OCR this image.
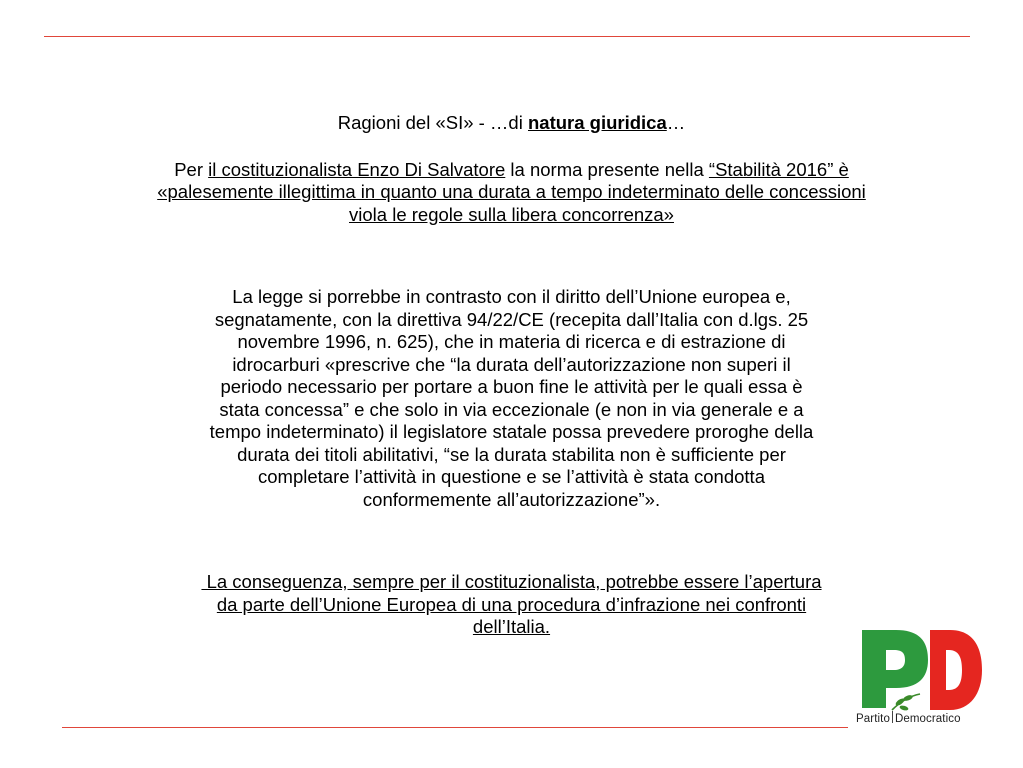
Ragioni del «SI» - …di natura giuridica…

Per il costituzionalista Enzo Di Salvatore la norma presente nella “Stabilità 2016” è «palesemente illegittima in quanto una durata a tempo indeterminato delle concessioni viola le regole sulla libera concorrenza»

La legge si porrebbe in contrasto con il diritto dell’Unione europea e,
segnatamente, con la direttiva 94/22/CE (recepita dall’Italia con d.lgs. 25
novembre 1996, n. 625), che in materia di ricerca e di estrazione di
idrocarburi «prescrive che “la durata dell’autorizzazione non superi il
periodo necessario per portare a buon fine le attività per le quali essa è
stata concessa” e che solo in via eccezionale (e non in via generale e a
tempo indeterminato) il legislatore statale possa prevedere proroghe della
durata dei titoli abilitativi, “se la durata stabilita non è sufficiente per
completare l’attività in questione e se l’attività è stata condotta
conformemente all’autorizzazione”».

La conseguenza, sempre per il costituzionalista, potrebbe essere l’apertura
da parte dell’Unione Europea di una procedura d’infrazione nei confronti
dell’Italia.

Partito Democratico
